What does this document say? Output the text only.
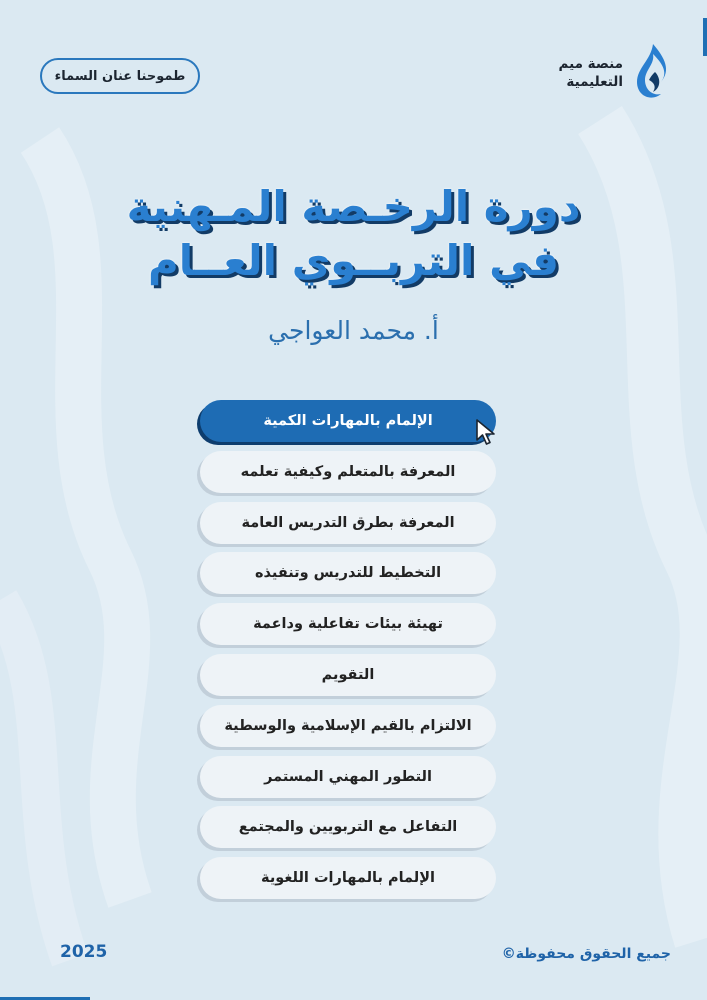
منصة ميم
التعليمية
طموحنا عنان السماء
دورة الرخـصة المـهنية
في التربــوي العــام
أ. محمد العواجي
الإلمام بالمهارات الكمية
المعرفة بالمتعلم وكيفية تعلمه
المعرفة بطرق التدريس العامة
التخطيط للتدريس وتنفيذه
تهيئة بيئات تفاعلية وداعمة
التقويم
الالتزام بالقيم الإسلامية والوسطية
التطور المهني المستمر
التفاعل مع التربويين والمجتمع
الإلمام بالمهارات اللغوية
2025	جميع الحقوق محفوظة©
